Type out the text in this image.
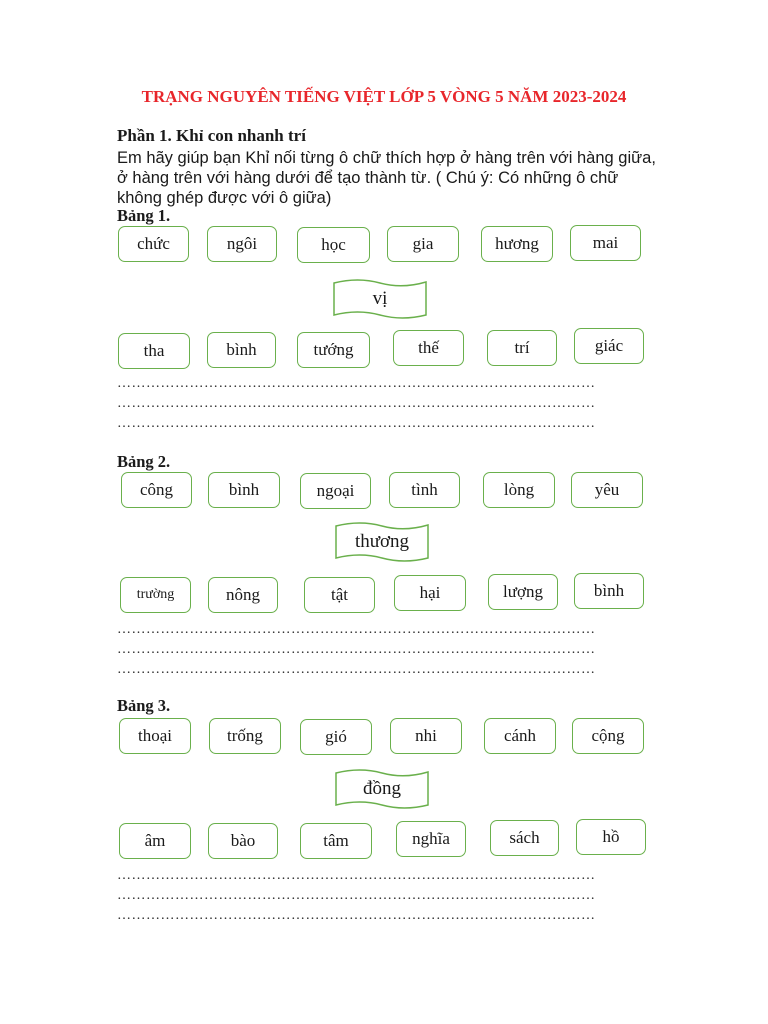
TRẠNG NGUYÊN TIẾNG VIỆT LỚP 5 VÒNG 5 NĂM 2023-2024
Phần 1. Khỉ con nhanh trí
Em hãy giúp bạn Khỉ nối từng ô chữ thích hợp ở hàng trên với hàng giữa,
ở hàng trên với hàng dưới để tạo thành từ. ( Chú ý: Có những ô chữ
không ghép được với ô giữa)
Bảng 1.
chức	ngôi	học	gia	hương	mai
vị
tha	bình	tướng	thế	trí	giác
………………………………………………………………………………………
………………………………………………………………………………………
………………………………………………………………………………………
Bảng 2.
công	bình	ngoại	tình	lòng	yêu
thương
trường	nông	tật	hại	lượng	bình
………………………………………………………………………………………
………………………………………………………………………………………
………………………………………………………………………………………
Bảng 3.
thoại	trống	gió	nhi	cánh	cộng
đồng
âm	bào	tâm	nghĩa	sách	hồ
………………………………………………………………………………………
………………………………………………………………………………………
………………………………………………………………………………………
